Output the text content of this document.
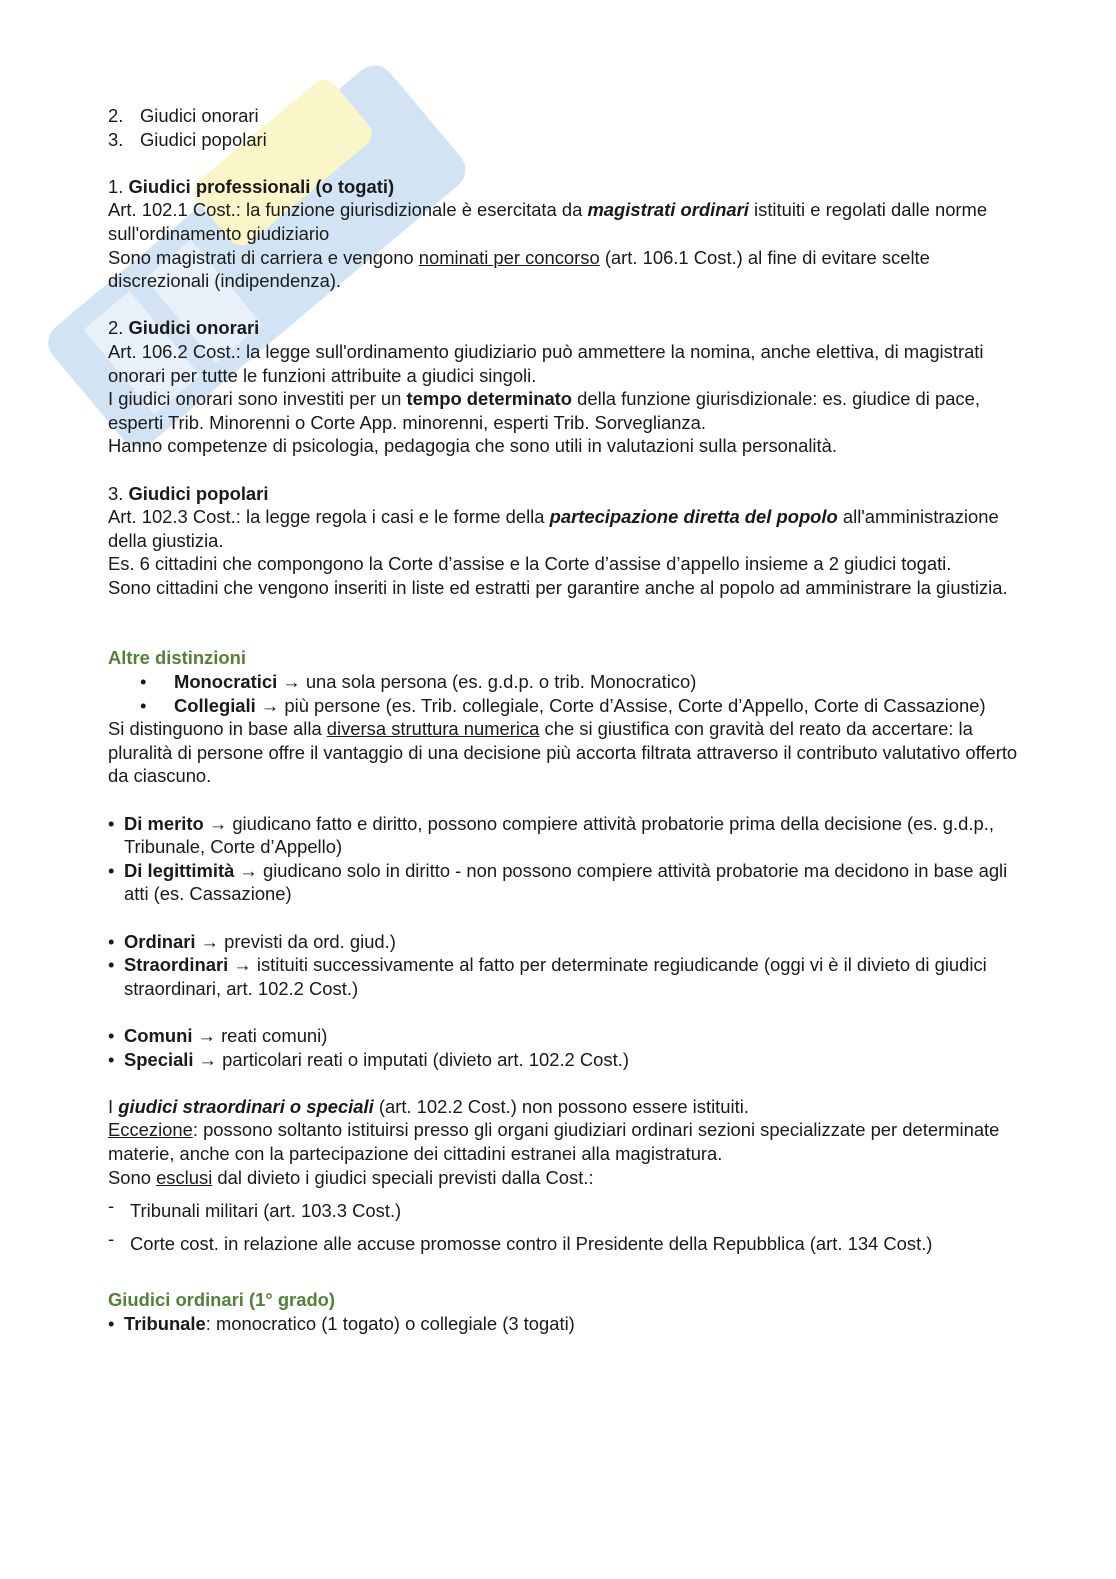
2. Giudici onorari
3. Giudici popolari

1. Giudici professionali (o togati)

Art. 102.1 Cost.: la funzione giurisdizionale è esercitata da magistrati ordinari istituiti e regolati dalle norme sull'ordinamento giudiziario

Sono magistrati di carriera e vengono nominati per concorso (art. 106.1 Cost.) al fine di evitare scelte discrezionali (indipendenza).

2. Giudici onorari

Art. 106.2 Cost.: la legge sull'ordinamento giudiziario può ammettere la nomina, anche elettiva, di magistrati onorari per tutte le funzioni attribuite a giudici singoli.

I giudici onorari sono investiti per un tempo determinato della funzione giurisdizionale: es. giudice di pace, esperti Trib. Minorenni o Corte App. minorenni, esperti Trib. Sorveglianza.

Hanno competenze di psicologia, pedagogia che sono utili in valutazioni sulla personalità.

3. Giudici popolari

Art. 102.3 Cost.: la legge regola i casi e le forme della partecipazione diretta del popolo all'amministrazione della giustizia.

Es. 6 cittadini che compongono la Corte d’assise e la Corte d’assise d’appello insieme a 2 giudici togati.

Sono cittadini che vengono inseriti in liste ed estratti per garantire anche al popolo ad amministrare la giustizia.

Altre distinzioni

•	Monocratici → una sola persona (es. g.d.p. o trib. Monocratico)
•	Collegiali → più persone (es. Trib. collegiale, Corte d’Assise, Corte d’Appello, Corte di Cassazione)

Si distinguono in base alla diversa struttura numerica che si giustifica con gravità del reato da accertare: la pluralità di persone offre il vantaggio di una decisione più accorta filtrata attraverso il contributo valutativo offerto da ciascuno.

• Di merito → giudicano fatto e diritto, possono compiere attività probatorie prima della decisione (es. g.d.p., Tribunale, Corte d’Appello)
• Di legittimità → giudicano solo in diritto - non possono compiere attività probatorie ma decidono in base agli atti (es. Cassazione)
• Ordinari → previsti da ord. giud.)
• Straordinari → istituiti successivamente al fatto per determinate regiudicande (oggi vi è il divieto di giudici straordinari, art. 102.2 Cost.)
• Comuni → reati comuni)
• Speciali → particolari reati o imputati (divieto art. 102.2 Cost.)

I giudici straordinari o speciali (art. 102.2 Cost.) non possono essere istituiti.

Eccezione: possono soltanto istituirsi presso gli organi giudiziari ordinari sezioni specializzate per determinate materie, anche con la partecipazione dei cittadini estranei alla magistratura.

Sono esclusi dal divieto i giudici speciali previsti dalla Cost.:

- Tribunali militari (art. 103.3 Cost.)
- Corte cost. in relazione alle accuse promosse contro il Presidente della Repubblica (art. 134 Cost.)

Giudici ordinari (1° grado)

• Tribunale: monocratico (1 togato) o collegiale (3 togati)
